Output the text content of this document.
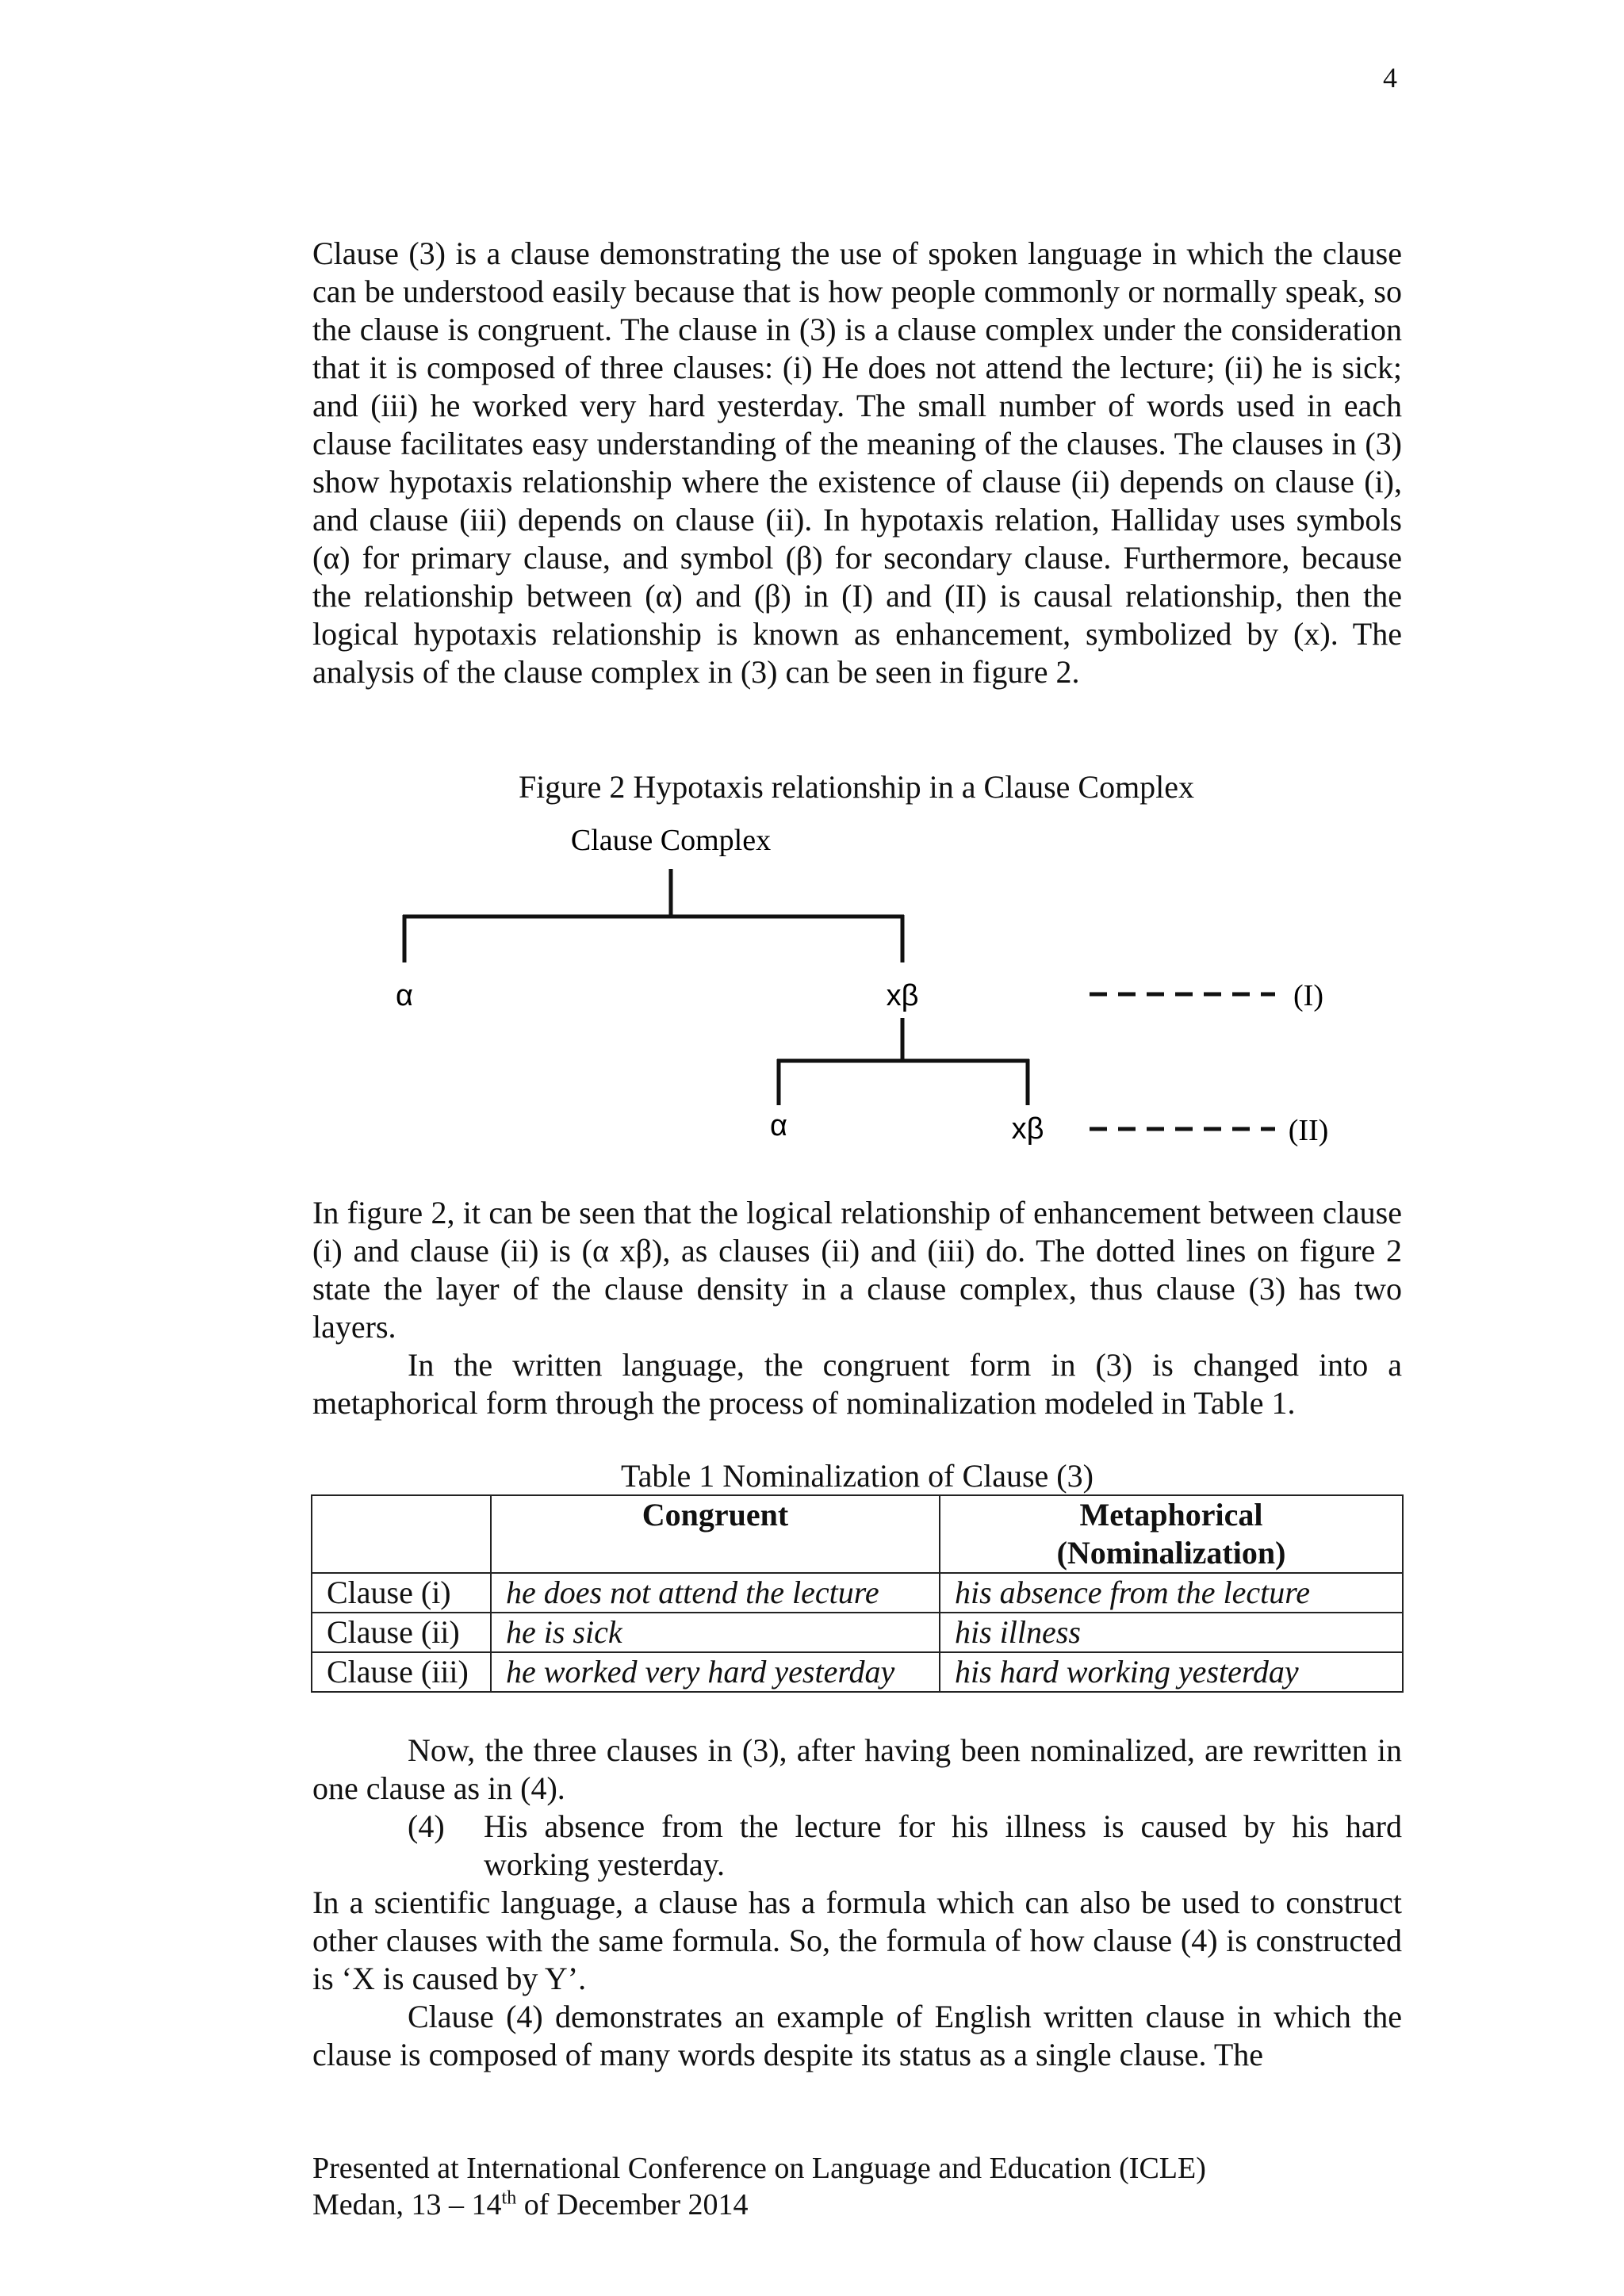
4

Clause (3) is a clause demonstrating the use of spoken language in which the clause can be understood easily because that is how people commonly or normally speak, so the clause is congruent. The clause in (3) is a clause complex under the consideration that it is composed of three clauses: (i) He does not attend the lecture; (ii) he is sick; and (iii) he worked very hard yesterday. The small number of words used in each clause facilitates easy understanding of the meaning of the clauses. The clauses in (3) show hypotaxis relationship where the existence of clause (ii) depends on clause (i), and clause (iii) depends on clause (ii). In hypotaxis relation, Halliday uses symbols (α) for primary clause, and symbol (β) for secondary clause. Furthermore, because the relationship between (α) and (β) in (I) and (II) is causal relationship, then the logical hypotaxis relationship is known as enhancement, symbolized by (x). The analysis of the clause complex in (3) can be seen in figure 2.

Figure 2 Hypotaxis relationship in a Clause Complex
Clause Complex
α	xβ	(I)
α	xβ	(II)

In figure 2, it can be seen that the logical relationship of enhancement between clause (i) and clause (ii) is (α xβ), as clauses (ii) and (iii) do. The dotted lines on figure 2 state the layer of the clause density in a clause complex, thus clause (3) has two layers.

In the written language, the congruent form in (3) is changed into a metaphorical form through the process of nominalization modeled in Table 1.

Table 1 Nominalization of Clause (3)
	Congruent	Metaphorical
(Nominalization)
Clause (i)	he does not attend the lecture	his absence from the lecture
Clause (ii)	he is sick	his illness
Clause (iii)	he worked very hard yesterday	his hard working yesterday

Now, the three clauses in (3), after having been nominalized, are rewritten in one clause as in (4).

(4) His absence from the lecture for his illness is caused by his hard working yesterday.

In a scientific language, a clause has a formula which can also be used to construct other clauses with the same formula. So, the formula of how clause (4) is constructed is ‘X is caused by Y’.

Clause (4) demonstrates an example of English written clause in which the clause is composed of many words despite its status as a single clause. The

Presented at International Conference on Language and Education (ICLE)
Medan, 13 – 14th of December 2014
